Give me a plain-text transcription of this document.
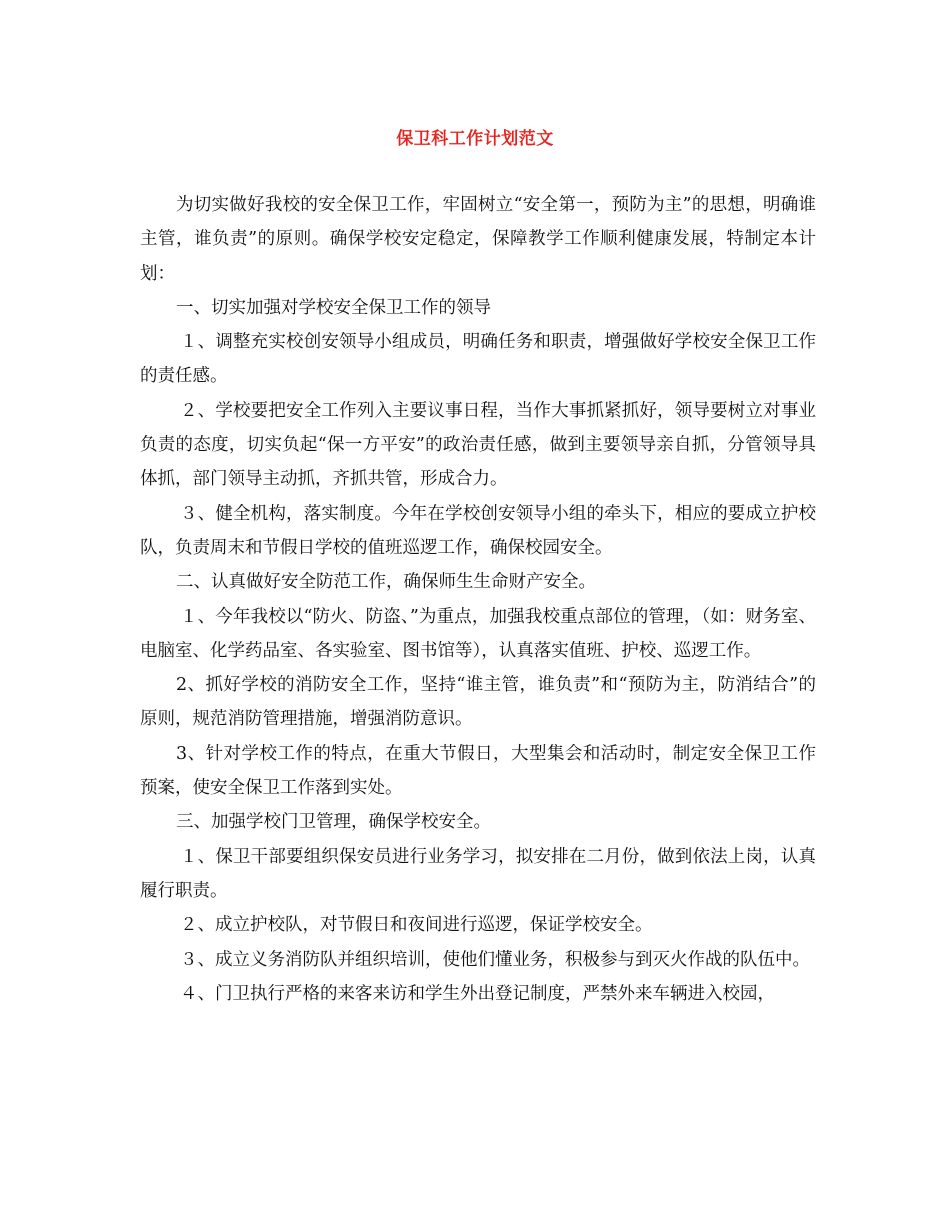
保卫科工作计划范文

为切实做好我校的安全保卫工作，牢固树立“安全第一，预防为主”的思想，明确谁主管，谁负责”的原则。确保学校安定稳定，保障教学工作顺利健康发展，特制定本计划：

一、切实加强对学校安全保卫工作的领导

１、调整充实校创安领导小组成员，明确任务和职责，增强做好学校安全保卫工作的责任感。

２、学校要把安全工作列入主要议事日程，当作大事抓紧抓好，领导要树立对事业负责的态度，切实负起“保一方平安”的政治责任感，做到主要领导亲自抓，分管领导具体抓，部门领导主动抓，齐抓共管，形成合力。

３、健全机构，落实制度。今年在学校创安领导小组的牵头下，相应的要成立护校队，负责周末和节假日学校的值班巡逻工作，确保校园安全。

二、认真做好安全防范工作，确保师生生命财产安全。

１、今年我校以“防火、防盗、”为重点，加强我校重点部位的管理，（如：财务室、电脑室、化学药品室、各实验室、图书馆等），认真落实值班、护校、巡逻工作。

2、抓好学校的消防安全工作，坚持“谁主管，谁负责”和“预防为主，防消结合”的原则，规范消防管理措施，增强消防意识。

3、针对学校工作的特点，在重大节假日，大型集会和活动时，制定安全保卫工作预案，使安全保卫工作落到实处。

三、加强学校门卫管理，确保学校安全。

１、保卫干部要组织保安员进行业务学习，拟安排在二月份，做到依法上岗，认真履行职责。

２、成立护校队，对节假日和夜间进行巡逻，保证学校安全。

３、成立义务消防队并组织培训，使他们懂业务，积极参与到灭火作战的队伍中。

４、门卫执行严格的来客来访和学生外出登记制度，严禁外来车辆进入校园，
